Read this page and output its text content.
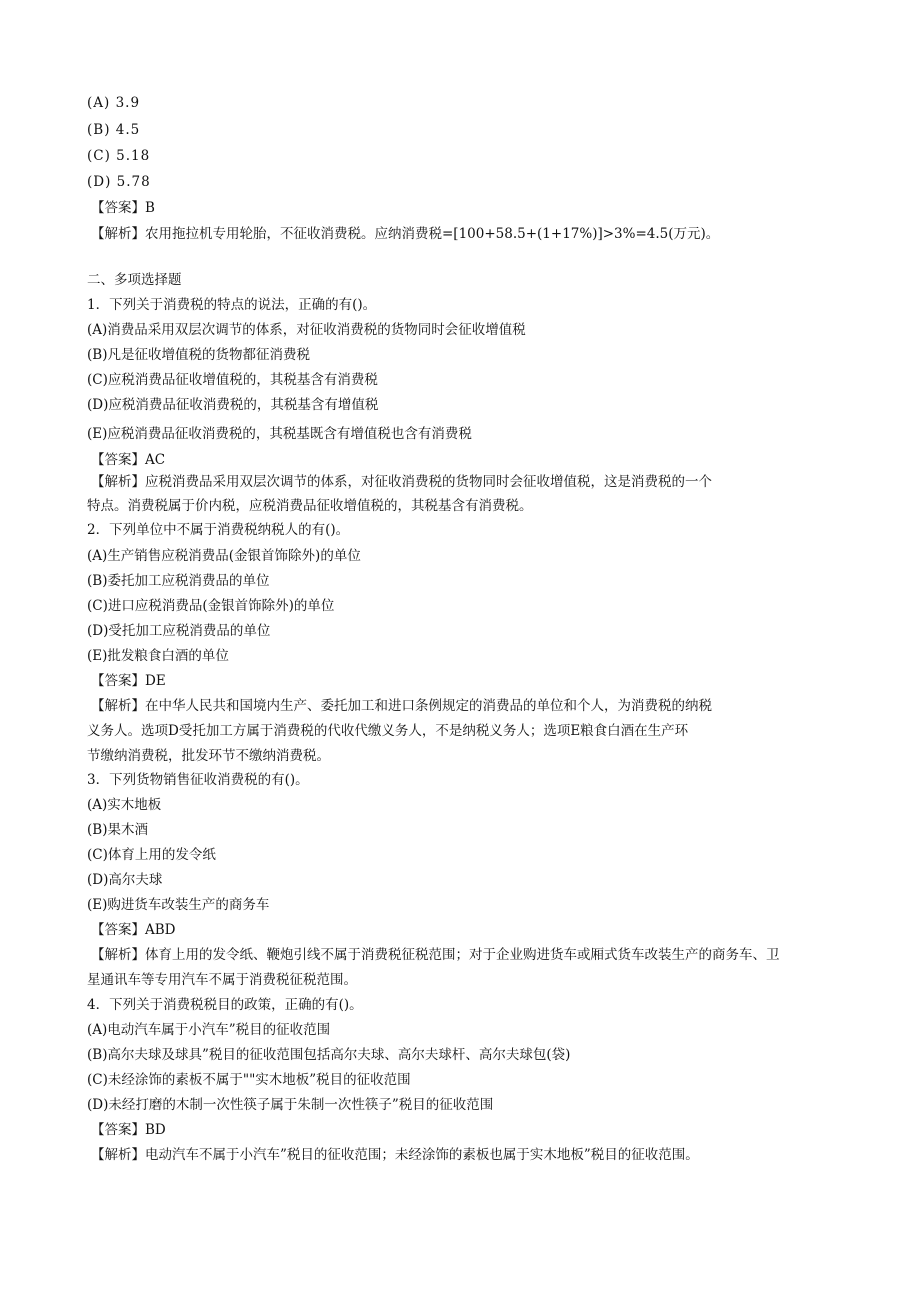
(A) 3.9
(B) 4.5
(C) 5.18
(D) 5.78
【答案】B
【解析】农用拖拉机专用轮胎，不征收消费税。应纳消费税=[100+58.5+(1+17%)]>3%=4.5(万元)。
二、多项选择题
1．下列关于消费税的特点的说法，正确的有()。
(A)消费品采用双层次调节的体系，对征收消费税的货物同时会征收增值税
(B)凡是征收增值税的货物都征消费税
(C)应税消费品征收增值税的，其税基含有消费税
(D)应税消费品征收消费税的，其税基含有增值税
(E)应税消费品征收消费税的，其税基既含有增值税也含有消费税
【答案】AC
【解析】应税消费品采用双层次调节的体系，对征收消费税的货物同时会征收增值税，这是消费税的一个
特点。消费税属于价内税，应税消费品征收增值税的，其税基含有消费税。
2．下列单位中不属于消费税纳税人的有()。
(A)生产销售应税消费品(金银首饰除外)的单位
(B)委托加工应税消费品的单位
(C)进口应税消费品(金银首饰除外)的单位
(D)受托加工应税消费品的单位
(E)批发粮食白酒的单位
【答案】DE
【解析】在中华人民共和国境内生产、委托加工和进口条例规定的消费品的单位和个人，为消费税的纳税
义务人。选项D受托加工方属于消费税的代收代缴义务人，不是纳税义务人；选项E粮食白酒在生产环
节缴纳消费税，批发环节不缴纳消费税。
3．下列货物销售征收消费税的有()。
(A)实木地板
(B)果木酒
(C)体育上用的发令纸
(D)高尔夫球
(E)购进货车改装生产的商务车
【答案】ABD
【解析】体育上用的发令纸、鞭炮引线不属于消费税征税范围；对于企业购进货车或厢式货车改装生产的商务车、卫
星通讯车等专用汽车不属于消费税征税范围。
4．下列关于消费税税目的政策，正确的有()。
(A)电动汽车属于小汽车”税目的征收范围
(B)高尔夫球及球具”税目的征收范围包括高尔夫球、高尔夫球杆、高尔夫球包(袋)
(C)未经涂饰的素板不属于""实木地板”税目的征收范围
(D)未经打磨的木制一次性筷子属于朱制一次性筷子”税目的征收范围
【答案】BD
【解析】电动汽车不属于小汽车”税目的征收范围；未经涂饰的素板也属于实木地板”税目的征收范围。
